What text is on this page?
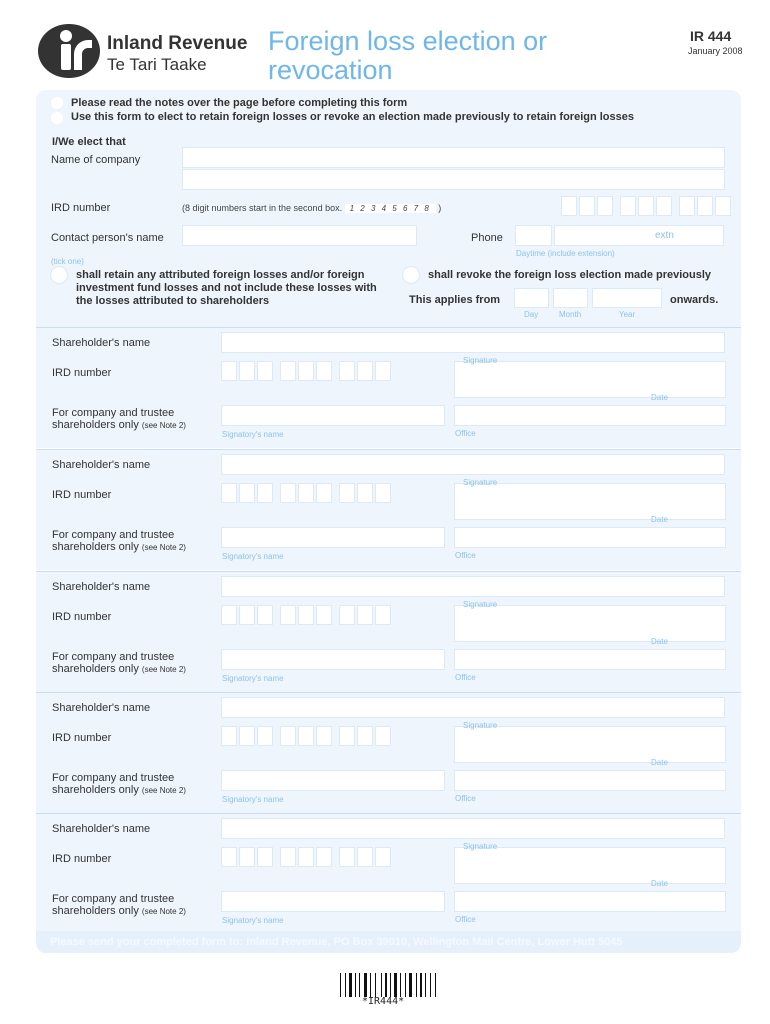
Inland Revenue
Te Tari Taake
Foreign loss election or revocation
IR 444
January 2008
Please read the notes over the page before completing this form
Use this form to elect to retain foreign losses or revoke an election made previously to retain foreign losses
I/We elect that
Name of company
IRD number	(8 digit numbers start in the second box. 1 2 3 4 5 6 7 8 )
Contact person's name	Phone	extn
Daytime (include extension)
(tick one)
shall retain any attributed foreign losses and/or foreign investment fund losses and not include these losses with the losses attributed to shareholders
shall revoke the foreign loss election made previously
This applies from	onwards.
Day	Month	Year
Shareholder's name
IRD number
Signature
Date
For company and trustee
shareholders only (see Note 2)
Signatory's name	Office
Shareholder's name
IRD number
Signature
Date
For company and trustee
shareholders only (see Note 2)
Signatory's name	Office
Shareholder's name
IRD number
Signature
Date
For company and trustee
shareholders only (see Note 2)
Signatory's name	Office
Shareholder's name
IRD number
Signature
Date
For company and trustee
shareholders only (see Note 2)
Signatory's name	Office
Shareholder's name
IRD number
Signature
Date
For company and trustee
shareholders only (see Note 2)
Signatory's name	Office
Please send your completed form to: Inland Revenue, PO Box 39010, Wellington Mail Centre, Lower Hutt 5045
*IR444*
